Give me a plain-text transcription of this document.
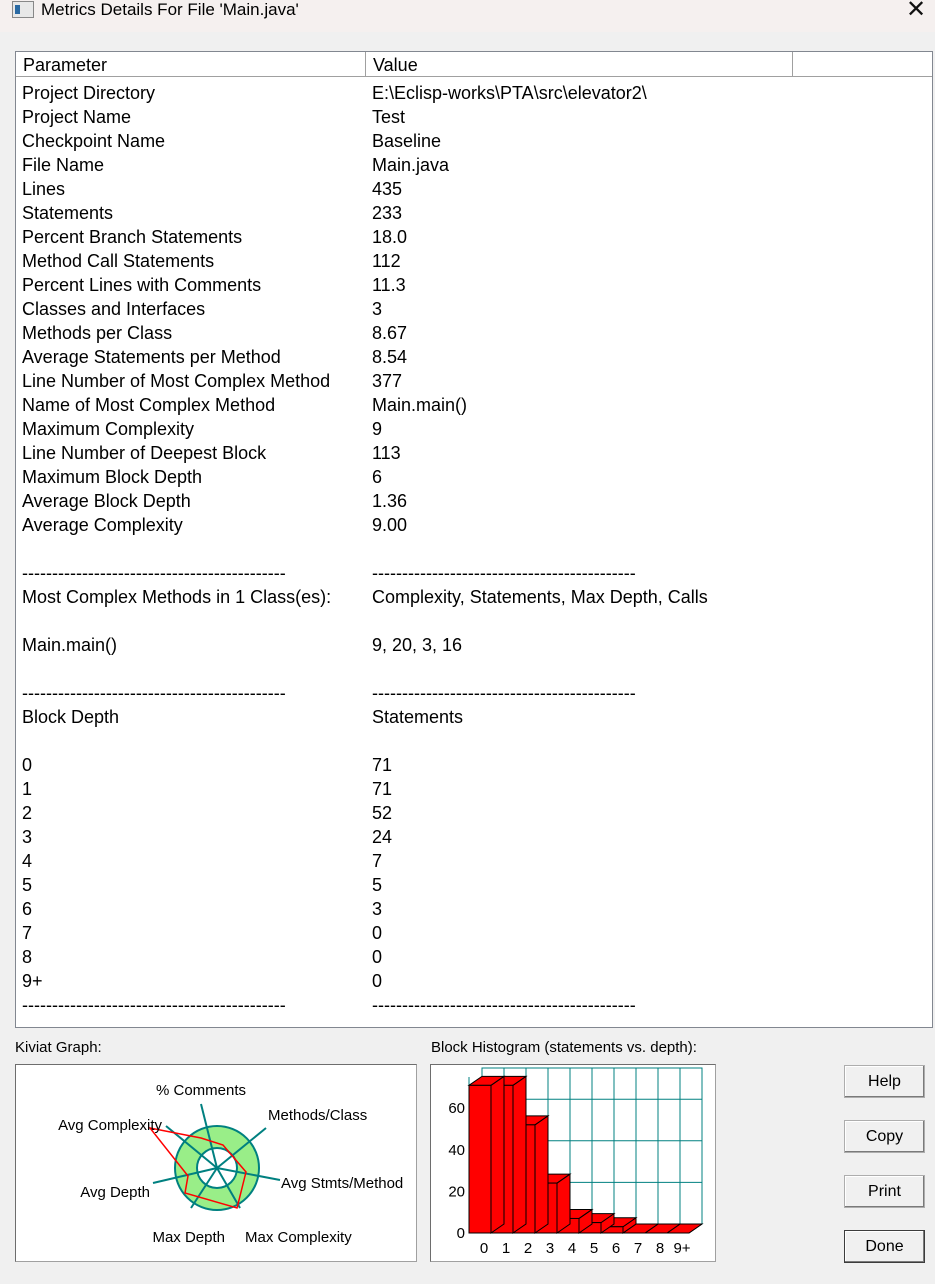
Metrics Details For File 'Main.java'	✕
Parameter	Value
Project Directory	E:\Eclisp-works\PTA\src\elevator2\
Project Name	Test
Checkpoint Name	Baseline
File Name	Main.java
Lines	435
Statements	233
Percent Branch Statements	18.0
Method Call Statements	112
Percent Lines with Comments	11.3
Classes and Interfaces	3
Methods per Class	8.67
Average Statements per Method	8.54
Line Number of Most Complex Method 377
Name of Most Complex Method	Main.main()
Maximum Complexity	9
Line Number of Deepest Block	113
Maximum Block Depth	6
Average Block Depth	1.36
Average Complexity	9.00
--------------------------------------------	--------------------------------------------
Most Complex Methods in 1 Class(es): Complexity, Statements, Max Depth, Calls
Main.main()	9, 20, 3, 16
--------------------------------------------	--------------------------------------------
Block Depth	Statements
0	71
1	71
2	52
3	24
4	7
5	5
6	3
7	0
8	0
9+	0
--------------------------------------------	--------------------------------------------
Kiviat Graph:
% Comments
Methods/Class
Avg Stmts/Method
Max Complexity
Max Depth
Avg Depth
Avg Complexity
Block Histogram (statements vs. depth):
0
20
40
60
0 1 2 3 4 5 6 7 8 9+
Help
Copy
Print
Done
